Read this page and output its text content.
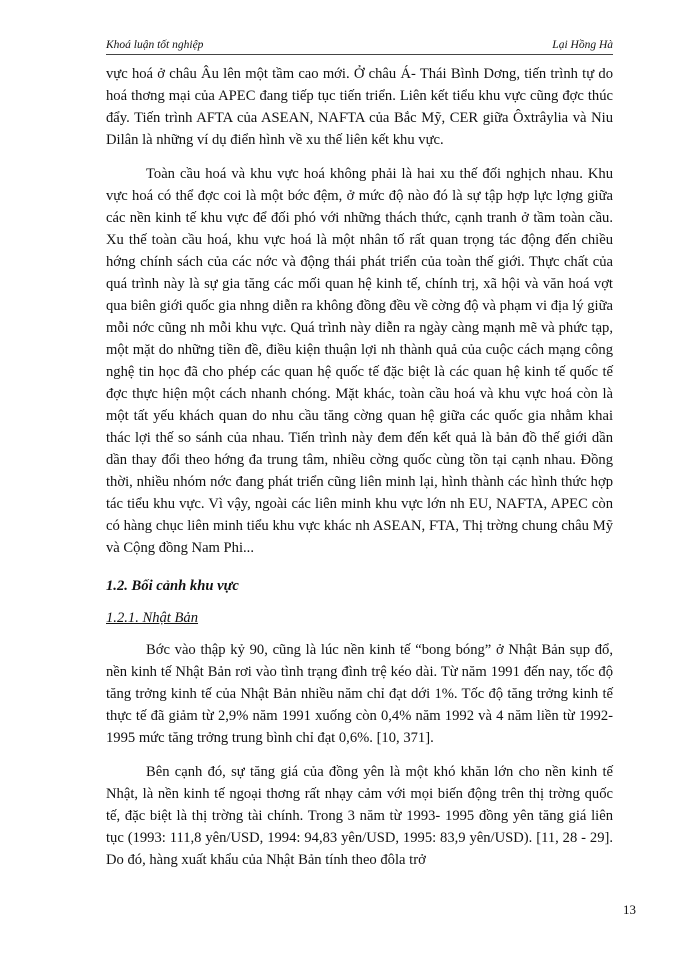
Khoá luận tốt nghiệp	Lại Hồng Hà

vực hoá ở châu Âu lên một tầm cao mới. Ở châu Á- Thái Bình Dơng, tiến trình tự do hoá thơng mại của APEC đang tiếp tục tiến triển. Liên kết tiểu khu vực cũng đợc thúc đẩy. Tiến trình AFTA của ASEAN, NAFTA của Bắc Mỹ, CER giữa Ôxtrâylia và Niu Dilân là những ví dụ điển hình về xu thế liên kết khu vực.

Toàn cầu hoá và khu vực hoá không phải là hai xu thế đối nghịch nhau. Khu vực hoá có thể đợc coi là một bớc đệm, ở mức độ nào đó là sự tập hợp lực lợng giữa các nền kinh tế khu vực để đối phó với những thách thức, cạnh tranh ở tầm toàn cầu. Xu thế toàn cầu hoá, khu vực hoá là một nhân tố rất quan trọng tác động đến chiều hớng chính sách của các nớc và động thái phát triển của toàn thế giới. Thực chất của quá trình này là sự gia tăng các mối quan hệ kinh tế, chính trị, xã hội và văn hoá vợt qua biên giới quốc gia nhng diễn ra không đồng đều về cờng độ và phạm vi địa lý giữa mỗi nớc cũng nh mỗi khu vực. Quá trình này diễn ra ngày càng mạnh mẽ và phức tạp, một mặt do những tiền đề, điều kiện thuận lợi nh thành quả của cuộc cách mạng công nghệ tin học đã cho phép các quan hệ quốc tế đặc biệt là các quan hệ kinh tế quốc tế đợc thực hiện một cách nhanh chóng. Mặt khác, toàn cầu hoá và khu vực hoá còn là một tất yếu khách quan do nhu cầu tăng cờng quan hệ giữa các quốc gia nhằm khai thác lợi thế so sánh của nhau. Tiến trình này đem đến kết quả là bản đồ thế giới dần dần thay đổi theo hớng đa trung tâm, nhiều cờng quốc cùng tồn tại cạnh nhau. Đồng thời, nhiều nhóm nớc đang phát triển cũng liên minh lại, hình thành các hình thức hợp tác tiểu khu vực. Vì vậy, ngoài các liên minh khu vực lớn nh EU, NAFTA, APEC còn có hàng chục liên minh tiểu khu vực khác nh ASEAN, FTA, Thị trờng chung châu Mỹ và Cộng đồng Nam Phi...

1.2. Bối cảnh khu vực
1.2.1. Nhật Bản

Bớc vào thập kỷ 90, cũng là lúc nền kinh tế “bong bóng” ở Nhật Bản sụp đổ, nền kinh tế Nhật Bản rơi vào tình trạng đình trệ kéo dài. Từ năm 1991 đến nay, tốc độ tăng trởng kinh tế của Nhật Bản nhiều năm chỉ đạt dới 1%. Tốc độ tăng trởng kinh tế thực tế đã giảm từ 2,9% năm 1991 xuống còn 0,4% năm 1992 và 4 năm liền từ 1992- 1995 mức tăng trởng trung bình chỉ đạt 0,6%. [10, 371].

Bên cạnh đó, sự tăng giá của đồng yên là một khó khăn lớn cho nền kinh tế Nhật, là nền kinh tế ngoại thơng rất nhạy cảm với mọi biến động trên thị trờng quốc tế, đặc biệt là thị trờng tài chính. Trong 3 năm từ 1993- 1995 đồng yên tăng giá liên tục (1993: 111,8 yên/USD, 1994: 94,83 yên/USD, 1995: 83,9 yên/USD). [11, 28 - 29]. Do đó, hàng xuất khẩu của Nhật Bản tính theo đôla trở

13
